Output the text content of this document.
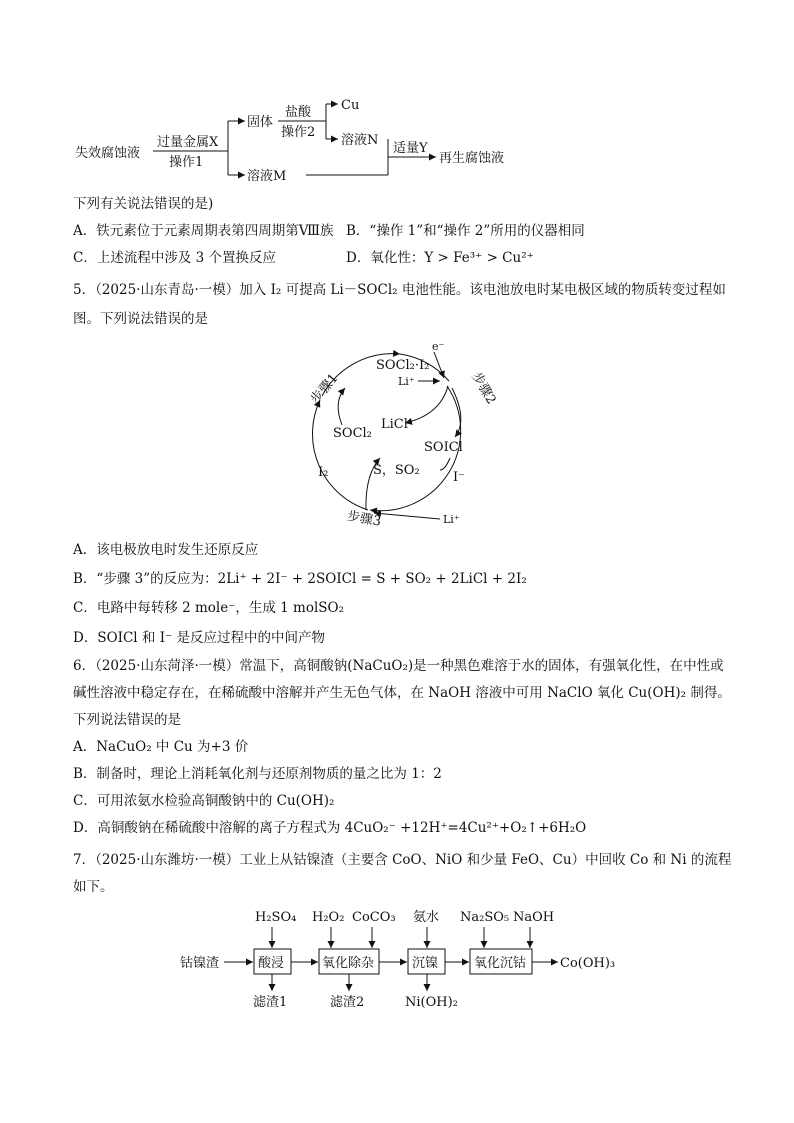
失效腐蚀液
过量金属X
操作1
固体
溶液M
盐酸
操作2
Cu
溶液N
适量Y
再生腐蚀液
下列有关说法错误的是)
A．铁元素位于元素周期表第四周期第Ⅷ族 B．“操作 1”和“操作 2”所用的仪器相同
C．上述流程中涉及 3 个置换反应	D．氧化性：Y > Fe³⁺ > Cu²⁺
5．（2025·山东青岛·一模）加入 I₂ 可提高 Li－SOCl₂ 电池性能。该电池放电时某电极区域的物质转变过程如
图。下列说法错误的是
e⁻
Li⁺
SOCl₂·I₂
Li⁺
LiCl
SOCl₂
SOICl
S，SO₂
I₂	I⁻
步骤1	步骤2
步骤3
A．该电极放电时发生还原反应
B．“步骤 3”的反应为：2Li⁺ + 2I⁻ + 2SOICl = S + SO₂ + 2LiCl + 2I₂
C．电路中每转移 2 mole⁻，生成 1 molSO₂
D．SOICl 和 I⁻ 是反应过程中的中间产物
6．（2025·山东菏泽·一模）常温下，高铜酸钠(NaCuO₂)是一种黑色难溶于水的固体，有强氧化性，在中性或
碱性溶液中稳定存在，在稀硫酸中溶解并产生无色气体，在 NaOH 溶液中可用 NaClO 氧化 Cu(OH)₂ 制得。
下列说法错误的是
A．NaCuO₂ 中 Cu 为+3 价
B．制备时，理论上消耗氧化剂与还原剂物质的量之比为 1：2
C．可用浓氨水检验高铜酸钠中的 Cu(OH)₂
D．高铜酸钠在稀硫酸中溶解的离子方程式为 4CuO₂⁻ +12H⁺=4Cu²⁺+O₂↑+6H₂O
7．（2025·山东潍坊·一模）工业上从钴镍渣（主要含 CoO、NiO 和少量 FeO、Cu）中回收 Co 和 Ni 的流程
如下。
钴镍渣	酸浸	氧化除杂	沉镍	氧化沉钴	Co(OH)₃
H₂SO₄ H₂O₂ CoCO₃ 氨水 Na₂SO₅ NaOH
滤渣1	滤渣2	Ni(OH)₂
